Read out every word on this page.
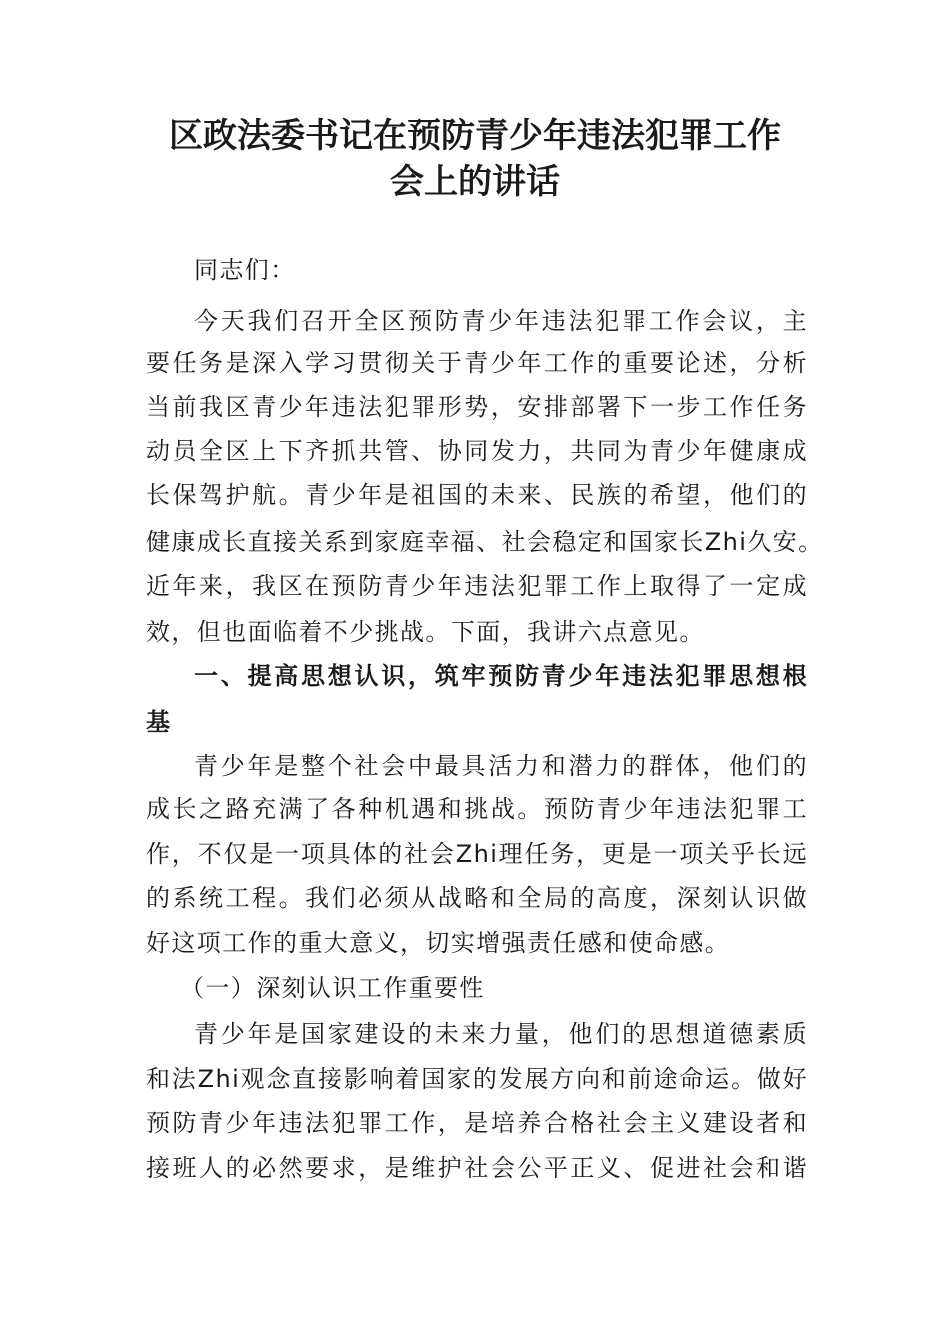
区政法委书记在预防青少年违法犯罪工作
会上的讲话

同志们：

今天我们召开全区预防青少年违法犯罪工作会议，主

要任务是深入学习贯彻关于青少年工作的重要论述，分析

当前我区青少年违法犯罪形势，安排部署下一步工作任务

动员全区上下齐抓共管、协同发力，共同为青少年健康成

长保驾护航。青少年是祖国的未来、民族的希望，他们的

健康成长直接关系到家庭幸福、社会稳定和国家长Zhi久安。

近年来，我区在预防青少年违法犯罪工作上取得了一定成

效，但也面临着不少挑战。下面，我讲六点意见。

一、提高思想认识，筑牢预防青少年违法犯罪思想根

基

青少年是整个社会中最具活力和潜力的群体，他们的

成长之路充满了各种机遇和挑战。预防青少年违法犯罪工

作，不仅是一项具体的社会Zhi理任务，更是一项关乎长远

的系统工程。我们必须从战略和全局的高度，深刻认识做

好这项工作的重大意义，切实增强责任感和使命感。

（一）深刻认识工作重要性

青少年是国家建设的未来力量，他们的思想道德素质

和法Zhi观念直接影响着国家的发展方向和前途命运。做好

预防青少年违法犯罪工作，是培养合格社会主义建设者和

接班人的必然要求，是维护社会公平正义、促进社会和谐
